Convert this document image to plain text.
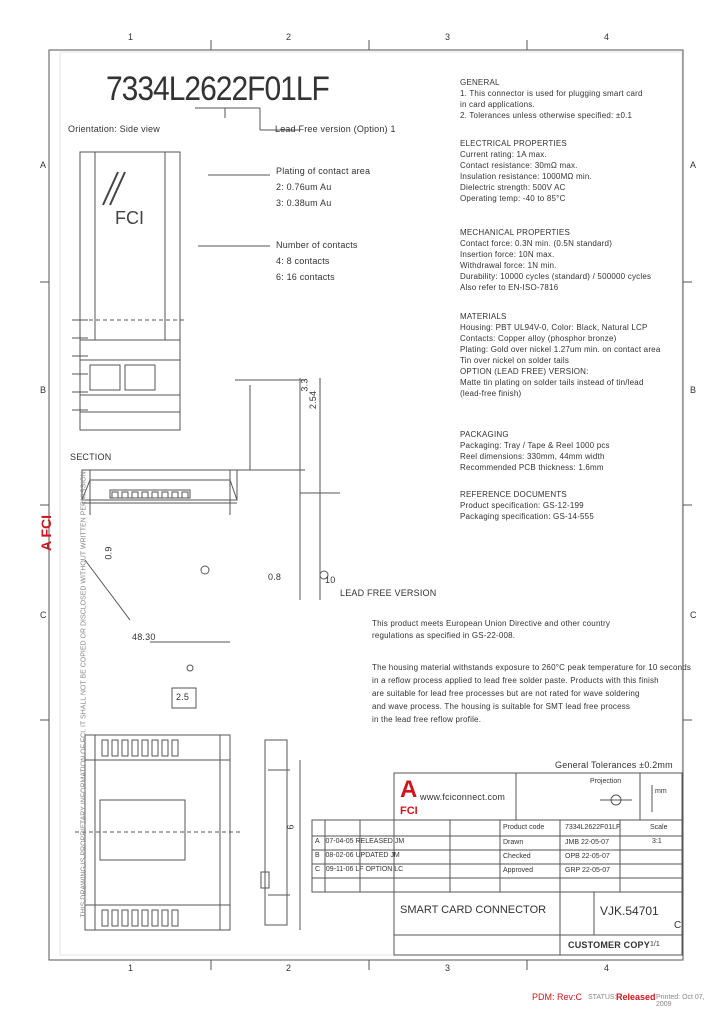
1	2	3	4
1	2	3	4
A
B
C
A
B
C
7334L2622F01LF
Lead Free version (Option) 1
Orientation: Side view
FCI
Plating of contact area
2: 0.76um Au
3: 0.38um Au
Number of contacts
4: 8 contacts
6: 16 contacts
GENERAL
1. This connector is used for plugging smart card
in card applications.
2. Tolerances unless otherwise specified: ±0.1
ELECTRICAL PROPERTIES
Current rating: 1A max.
Contact resistance: 30mΩ max.
Insulation resistance: 1000MΩ min.
Dielectric strength: 500V AC
Operating temp: -40 to 85°C
MECHANICAL PROPERTIES
Contact force: 0.3N min. (0.5N standard)
Insertion force: 10N max.
Withdrawal force: 1N min.
Durability: 10000 cycles (standard) / 500000 cycles
Also refer to EN-ISO-7816
MATERIALS
Housing: PBT UL94V-0, Color: Black, Natural LCP
Contacts: Copper alloy (phosphor bronze)
Plating: Gold over nickel 1.27um min. on contact area
Tin over nickel on solder tails
OPTION (LEAD FREE) VERSION:
Matte tin plating on solder tails instead of tin/lead
(lead-free finish)
PACKAGING
Packaging: Tray / Tape & Reel 1000 pcs
Reel dimensions: 330mm, 44mm width
Recommended PCB thickness: 1.6mm
REFERENCE DOCUMENTS
Product specification: GS-12-199
Packaging specification: GS-14-555
SECTION
LEAD FREE VERSION
0.9
3.3
2.54
0.8	10
48.30
2.5
6
This product meets European Union Directive and other country
regulations as specified in GS-22-008.
The housing material withstands exposure to 260°C peak temperature for 10 seconds
in a reflow process applied to lead free solder paste. Products with this finish
are suitable for lead free processes but are not rated for wave soldering
and wave process. The housing is suitable for SMT lead free process
in the lead free reflow profile.
General Tolerances ±0.2mm
A
FCI
www.fciconnect.com
Projection
mm
Scale
3:1
Product code	7334L2622F01LF
Drawn	JMB 22-05-07
Checked	OPB 22-05-07
Approved	GRP 22-05-07
A 07-04-05 RELEASED JM
B 08-02-06 UPDATED JM
C 09-11-06 LF OPTION LC
SMART CARD CONNECTOR	VJK.54701
C
1/1
CUSTOMER COPY
THIS DRAWING IS PROPRIETARY INFORMATION OF FCI. IT SHALL NOT BE COPIED OR DISCLOSED WITHOUT WRITTEN PERMISSION.
A FCI
PDM: Rev:C STATUS: Released Printed: Oct 07, 2009
